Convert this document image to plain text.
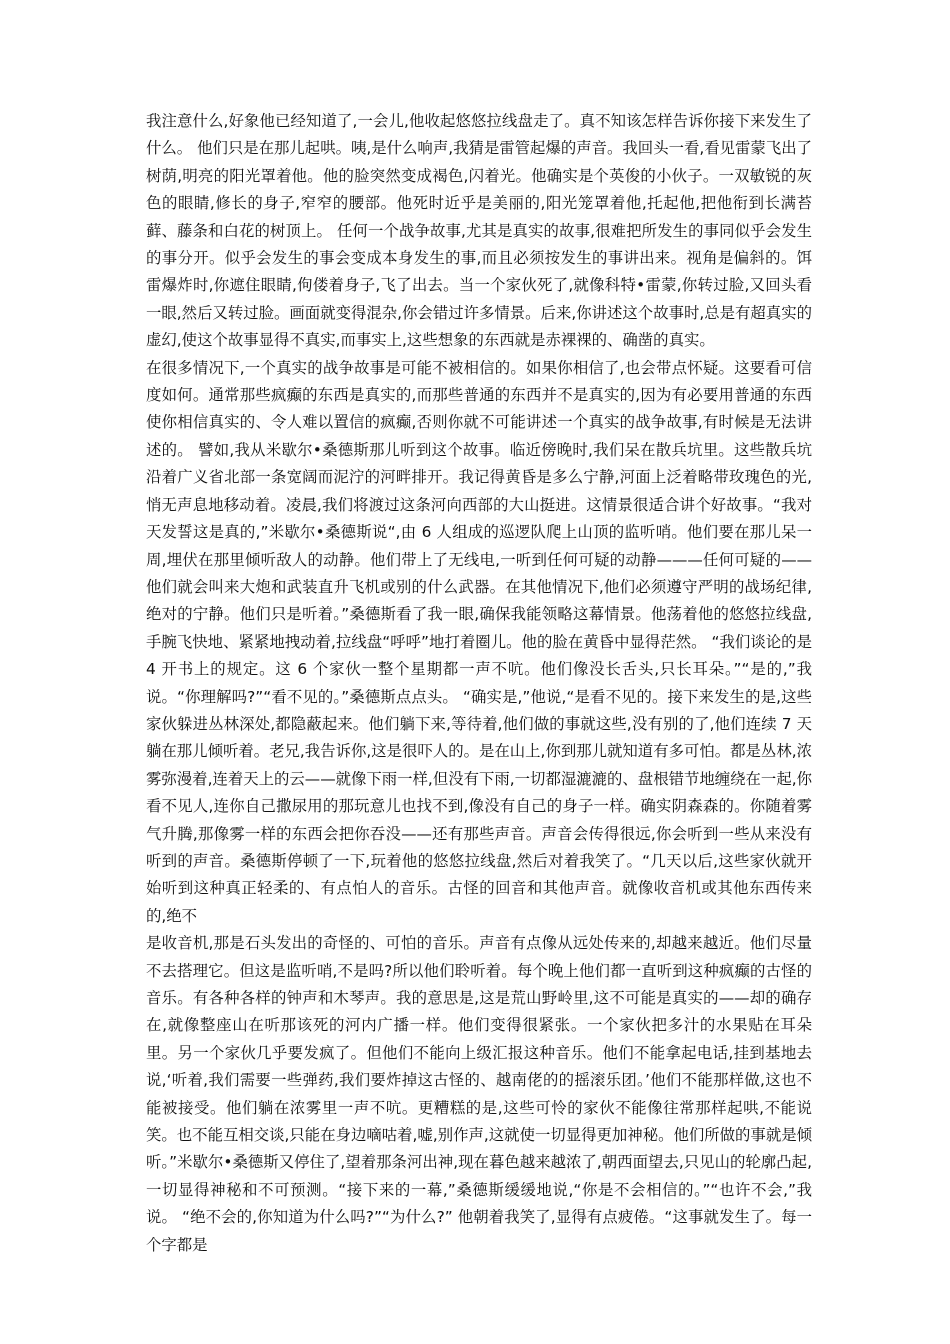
我注意什么,好象他已经知道了,一会儿,他收起悠悠拉线盘走了。真不知该怎样告诉你接下来发生了什么。 他们只是在那儿起哄。咦,是什么响声,我猜是雷管起爆的声音。我回头一看,看见雷蒙飞出了树荫,明亮的阳光罩着他。他的脸突然变成褐色,闪着光。他确实是个英俊的小伙子。一双敏锐的灰色的眼睛,修长的身子,窄窄的腰部。他死时近乎是美丽的,阳光笼罩着他,托起他,把他衔到长满苔藓、藤条和白花的树顶上。 任何一个战争故事,尤其是真实的故事,很难把所发生的事同似乎会发生的事分开。似乎会发生的事会变成本身发生的事,而且必须按发生的事讲出来。视角是偏斜的。饵雷爆炸时,你遮住眼睛,佝偻着身子,飞了出去。当一个家伙死了,就像科特•雷蒙,你转过脸,又回头看一眼,然后又转过脸。画面就变得混杂,你会错过许多情景。后来,你讲述这个故事时,总是有超真实的虚幻,使这个故事显得不真实,而事实上,这些想象的东西就是赤裸裸的、确凿的真实。

在很多情况下,一个真实的战争故事是可能不被相信的。如果你相信了,也会带点怀疑。这要看可信度如何。通常那些疯癫的东西是真实的,而那些普通的东西并不是真实的,因为有必要用普通的东西使你相信真实的、令人难以置信的疯癫,否则你就不可能讲述一个真实的战争故事,有时候是无法讲述的。 譬如,我从米歇尔•桑德斯那儿听到这个故事。临近傍晚时,我们呆在散兵坑里。这些散兵坑沿着广义省北部一条宽阔而泥泞的河畔排开。我记得黄昏是多么宁静,河面上泛着略带玫瑰色的光,悄无声息地移动着。凌晨,我们将渡过这条河向西部的大山挺进。这情景很适合讲个好故事。“我对天发誓这是真的,”米歇尔•桑德斯说“,由 6 人组成的巡逻队爬上山顶的监听哨。他们要在那儿呆一周,埋伏在那里倾听敌人的动静。他们带上了无线电,一听到任何可疑的动静———任何可疑的——他们就会叫来大炮和武装直升飞机或别的什么武器。在其他情况下,他们必须遵守严明的战场纪律,绝对的宁静。他们只是听着。”桑德斯看了我一眼,确保我能领略这幕情景。他荡着他的悠悠拉线盘,手腕飞快地、紧紧地拽动着,拉线盘“呼呼”地打着圈儿。他的脸在黄昏中显得茫然。 “我们谈论的是 4 开书上的规定。这 6 个家伙一整个星期都一声不吭。他们像没长舌头,只长耳朵。”“是的,”我说。“你理解吗?”“看不见的。”桑德斯点点头。 “确实是,”他说,“是看不见的。接下来发生的是,这些家伙躲进丛林深处,都隐蔽起来。他们躺下来,等待着,他们做的事就这些,没有别的了,他们连续 7 天躺在那儿倾听着。老兄,我告诉你,这是很吓人的。是在山上,你到那儿就知道有多可怕。都是丛林,浓雾弥漫着,连着天上的云——就像下雨一样,但没有下雨,一切都湿漉漉的、盘根错节地缠绕在一起,你看不见人,连你自己撒尿用的那玩意儿也找不到,像没有自己的身子一样。确实阴森森的。你随着雾气升腾,那像雾一样的东西会把你吞没——还有那些声音。声音会传得很远,你会听到一些从来没有听到的声音。桑德斯停顿了一下,玩着他的悠悠拉线盘,然后对着我笑了。“几天以后,这些家伙就开始听到这种真正轻柔的、有点怕人的音乐。古怪的回音和其他声音。就像收音机或其他东西传来的,绝不

是收音机,那是石头发出的奇怪的、可怕的音乐。声音有点像从远处传来的,却越来越近。他们尽量不去搭理它。但这是监听哨,不是吗?所以他们聆听着。每个晚上他们都一直听到这种疯癫的古怪的音乐。有各种各样的钟声和木琴声。我的意思是,这是荒山野岭里,这不可能是真实的——却的确存在,就像整座山在听那该死的河内广播一样。他们变得很紧张。一个家伙把多汁的水果贴在耳朵里。另一个家伙几乎要发疯了。但他们不能向上级汇报这种音乐。他们不能拿起电话,挂到基地去说,‘听着,我们需要一些弹药,我们要炸掉这古怪的、越南佬的的摇滚乐团。’他们不能那样做,这也不能被接受。他们躺在浓雾里一声不吭。更糟糕的是,这些可怜的家伙不能像往常那样起哄,不能说笑。也不能互相交谈,只能在身边嘀咕着,嘘,别作声,这就使一切显得更加神秘。他们所做的事就是倾听。”米歇尔•桑德斯又停住了,望着那条河出神,现在暮色越来越浓了,朝西面望去,只见山的轮廓凸起,一切显得神秘和不可预测。“接下来的一幕,”桑德斯缓缓地说,“你是不会相信的。”“也许不会,”我说。 “绝不会的,你知道为什么吗?”“为什么?” 他朝着我笑了,显得有点疲倦。“这事就发生了。每一个字都是
